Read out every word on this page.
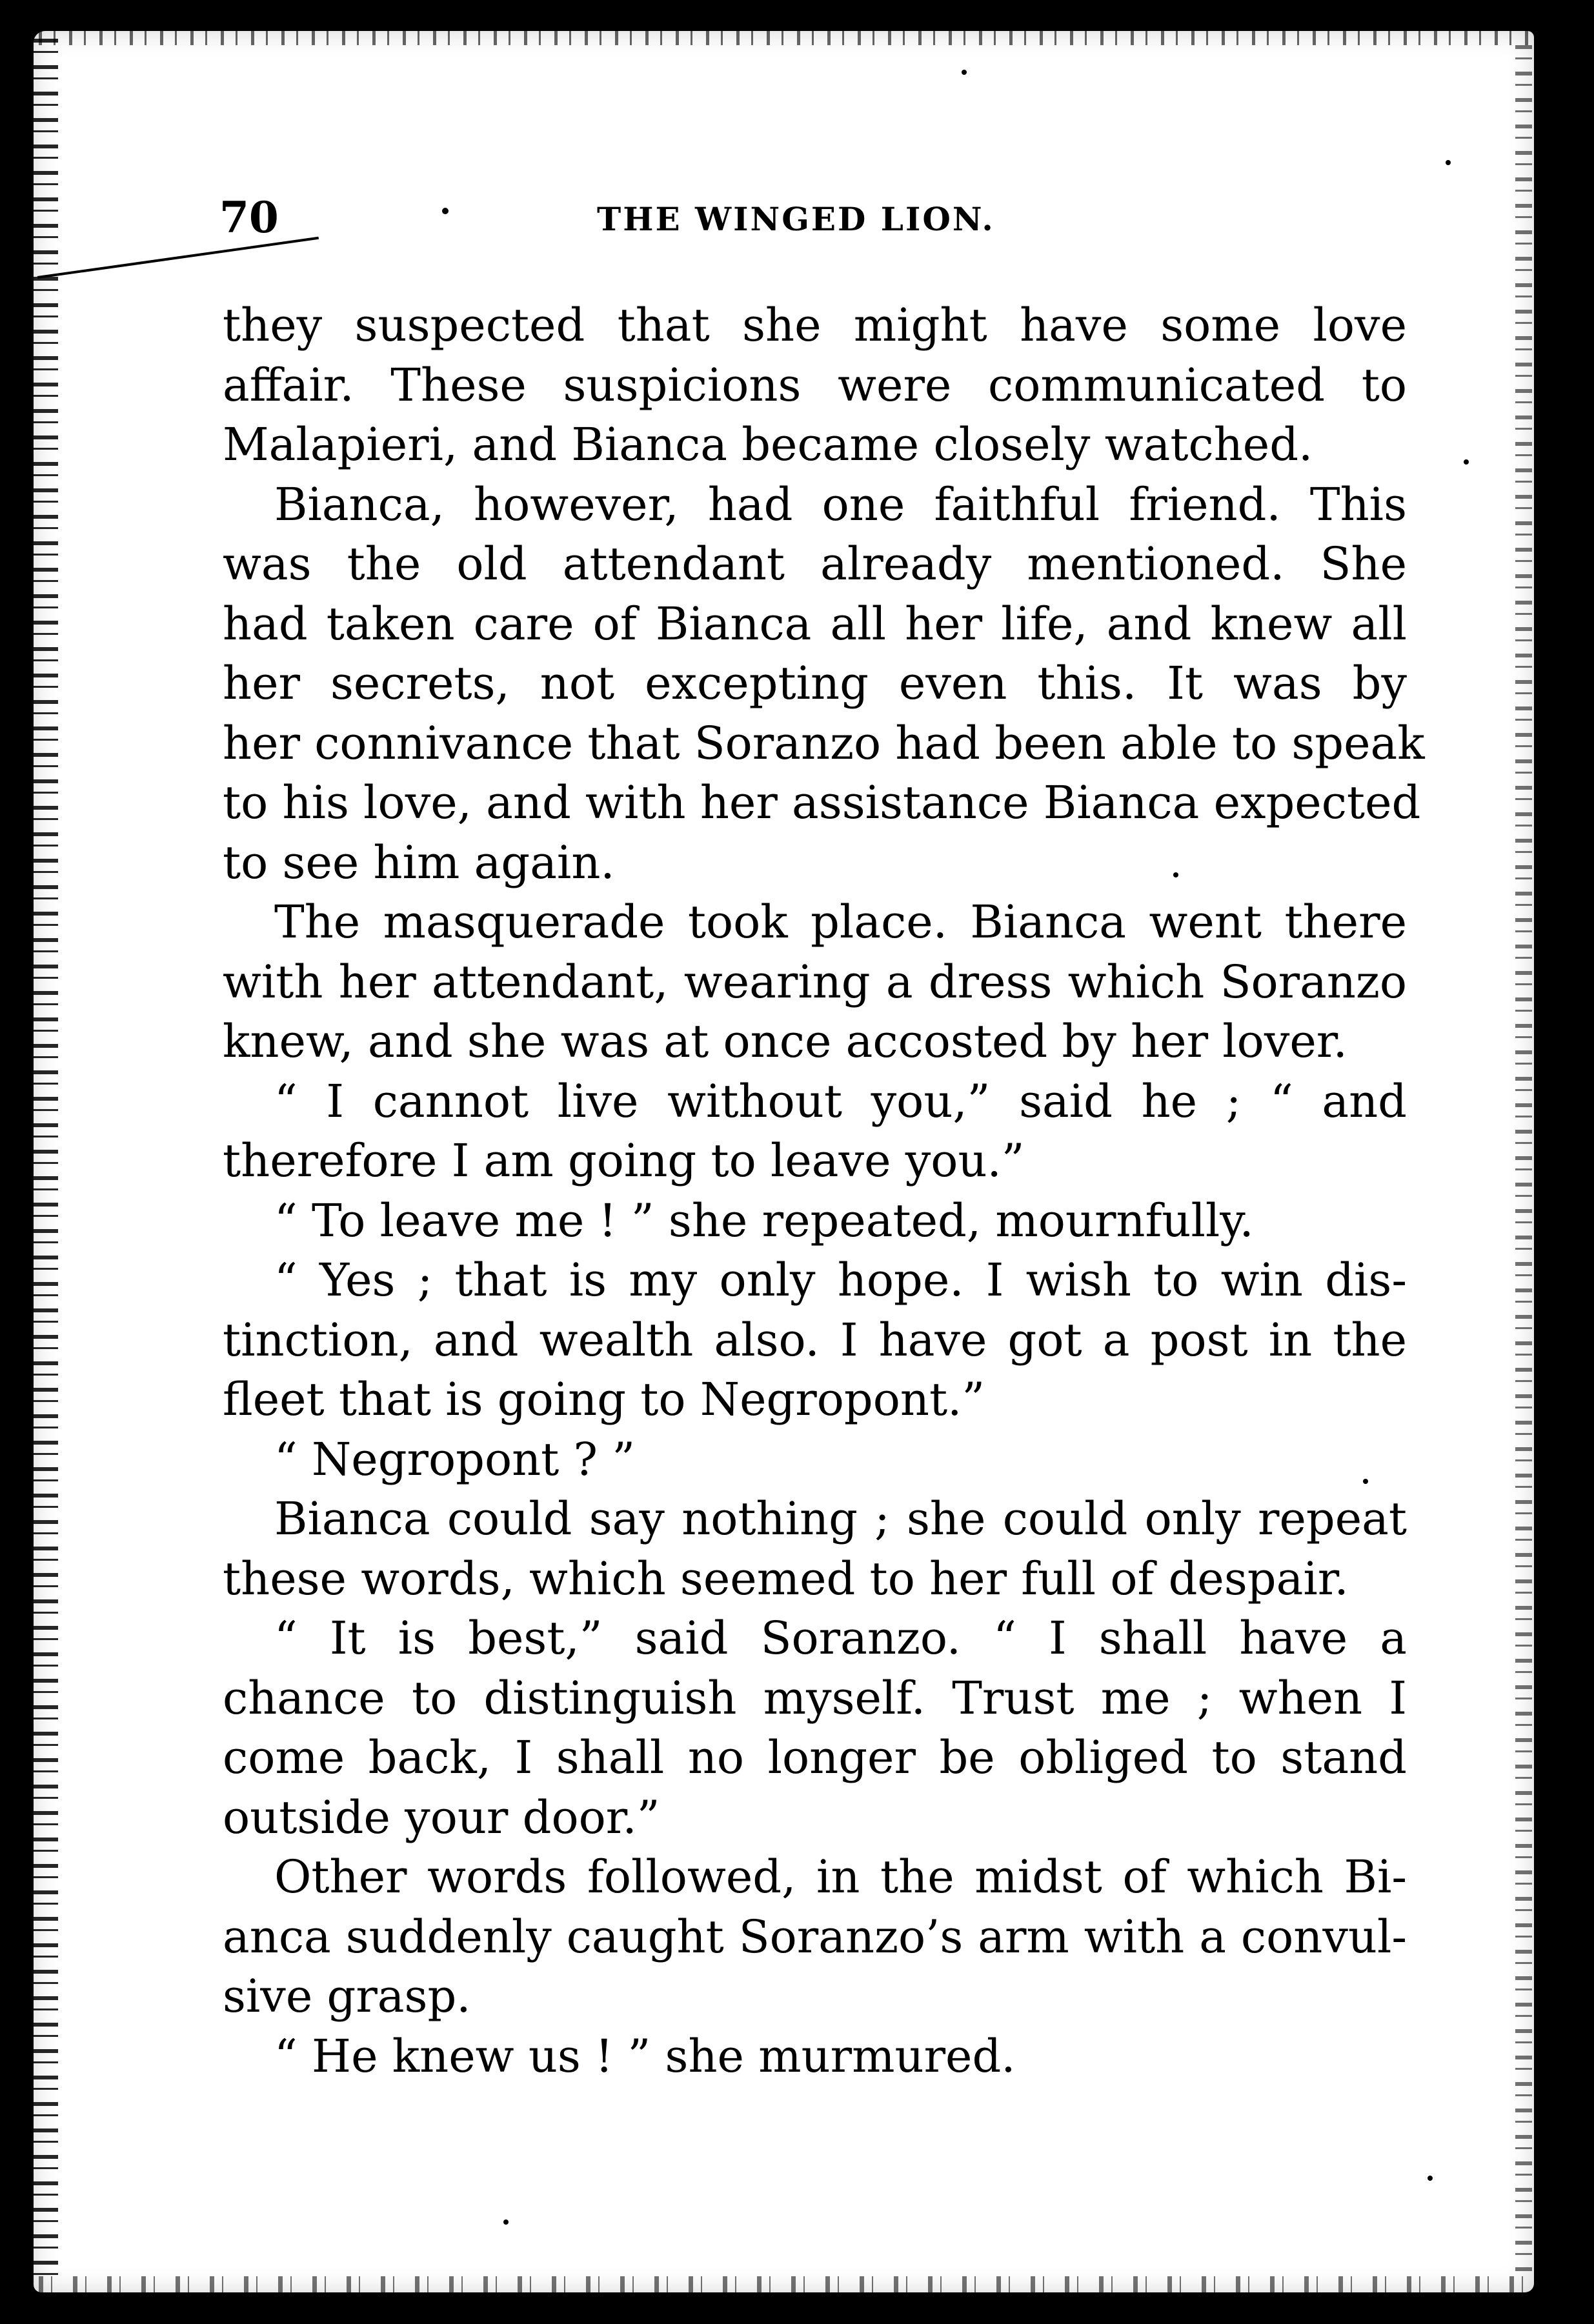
70	THE WINGED LION.
they suspected that she might have some love
affair. These suspicions were communicated to
Malapieri, and Bianca became closely watched.
Bianca, however, had one faithful friend. This
was the old attendant already mentioned. She
had taken care of Bianca all her life, and knew all
her secrets, not excepting even this. It was by
her connivance that Soranzo had been able to speak
to his love, and with her assistance Bianca expected
to see him again.
The masquerade took place. Bianca went there
with her attendant, wearing a dress which Soranzo
knew, and she was at once accosted by her lover.
“ I cannot live without you,” said he ; “ and
therefore I am going to leave you.”
“ To leave me ! ” she repeated, mournfully.
“ Yes ; that is my only hope. I wish to win dis-
tinction, and wealth also. I have got a post in the
fleet that is going to Negropont.”
“ Negropont ? ”
Bianca could say nothing ; she could only repeat
these words, which seemed to her full of despair.
“ It is best,” said Soranzo. “ I shall have a
chance to distinguish myself. Trust me ; when I
come back, I shall no longer be obliged to stand
outside your door.”
Other words followed, in the midst of which Bi-
anca suddenly caught Soranzo’s arm with a convul-
sive grasp.
“ He knew us ! ” she murmured.
